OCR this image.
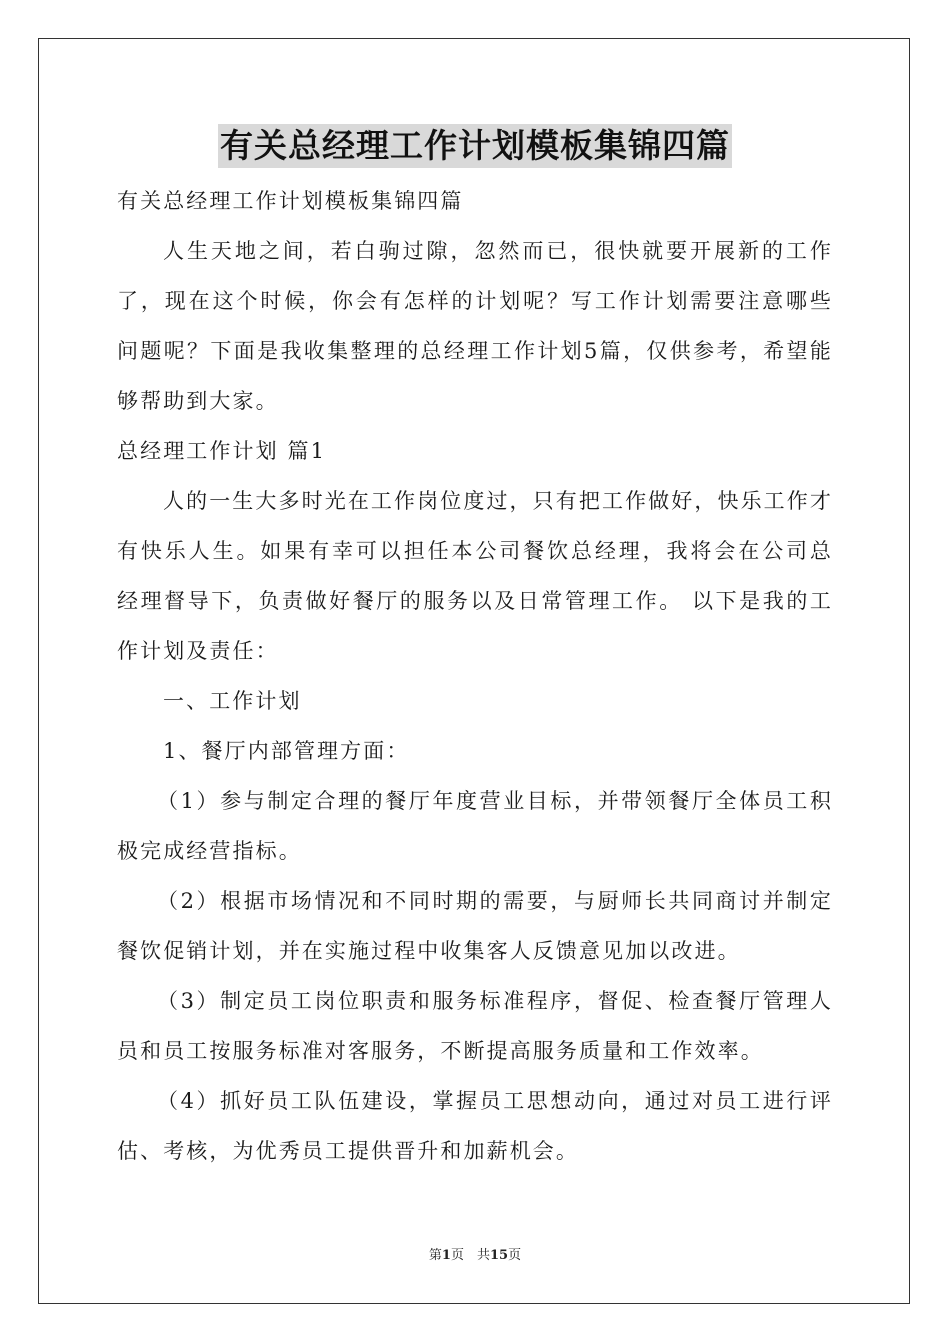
有关总经理工作计划模板集锦四篇

有关总经理工作计划模板集锦四篇

人生天地之间，若白驹过隙，忽然而已，很快就要开展新的工作了，现在这个时候，你会有怎样的计划呢？写工作计划需要注意哪些问题呢？下面是我收集整理的总经理工作计划5篇，仅供参考，希望能够帮助到大家。

总经理工作计划 篇1

人的一生大多时光在工作岗位度过，只有把工作做好，快乐工作才有快乐人生。如果有幸可以担任本公司餐饮总经理，我将会在公司总经理督导下，负责做好餐厅的服务以及日常管理工作。 以下是我的工作计划及责任：

一、工作计划

1、餐厅内部管理方面：

（1）参与制定合理的餐厅年度营业目标，并带领餐厅全体员工积极完成经营指标。

（2）根据市场情况和不同时期的需要，与厨师长共同商讨并制定餐饮促销计划，并在实施过程中收集客人反馈意见加以改进。

（3）制定员工岗位职责和服务标准程序，督促、检查餐厅管理人员和员工按服务标准对客服务，不断提高服务质量和工作效率。

（4）抓好员工队伍建设，掌握员工思想动向，通过对员工进行评估、考核，为优秀员工提供晋升和加薪机会。

第1页　共15页
